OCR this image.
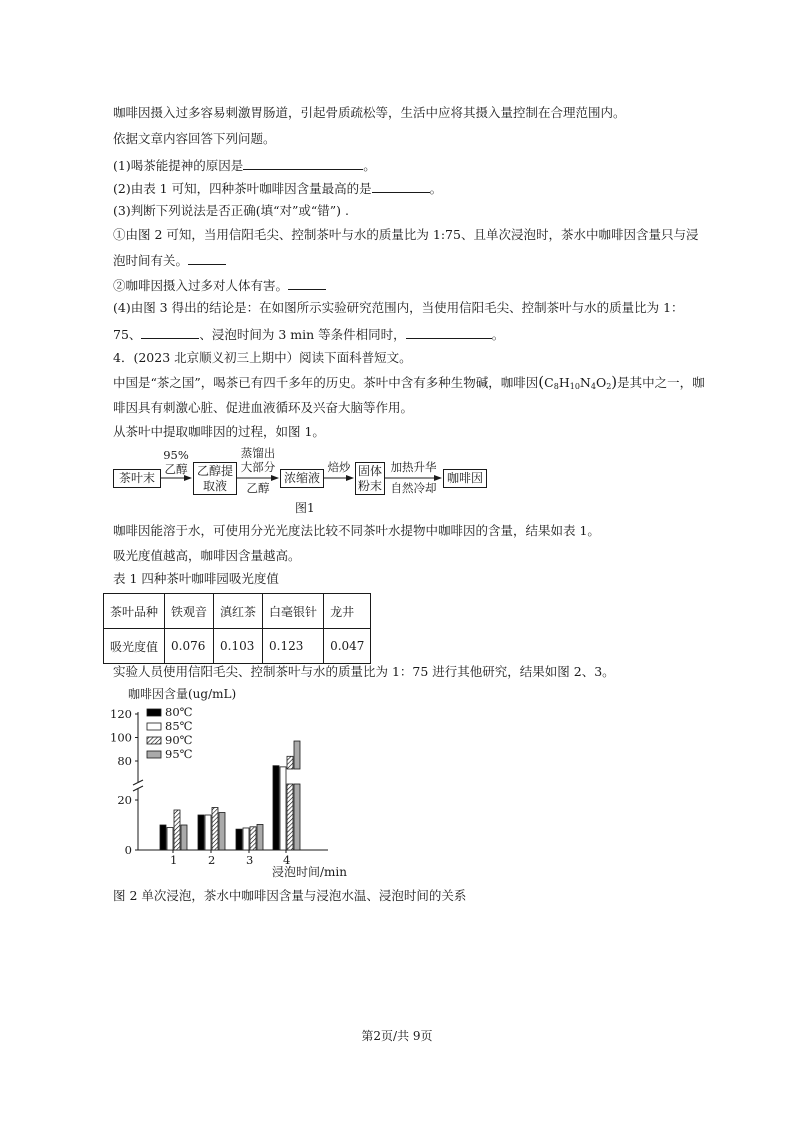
咖啡因摄入过多容易刺激胃肠道，引起骨质疏松等，生活中应将其摄入量控制在合理范围内。
依据文章内容回答下列问题。
(1)喝茶能提神的原因是	。
(2)由表 1 可知，四种茶叶咖啡因含量最高的是	。
(3)判断下列说法是否正确(填“对”或“错”) .
①由图 2 可知，当用信阳毛尖、控制茶叶与水的质量比为 1:75、且单次浸泡时，茶水中咖啡因含量只与浸
泡时间有关。
②咖啡因摄入过多对人体有害。
(4)由图 3 得出的结论是：在如图所示实验研究范围内，当使用信阳毛尖、控制茶叶与水的质量比为 1：
75、	、浸泡时间为 3 min 等条件相同时，	。
4．(2023 北京顺义初三上期中）阅读下面科普短文。
中国是“茶之国”，喝茶已有四千多年的历史。茶叶中含有多种生物碱，咖啡因$(C_8H_{10}N_4O_2)$是其中之一，咖
啡因具有刺激心脏、促进血液循环及兴奋大脑等作用。
从茶叶中提取咖啡因的过程，如图 1。
茶叶末
95%
乙醇 乙醇提
取液
蒸馏出
大部分
乙醇
浓缩液
焙炒 固体
粉末
加热升华
自然冷却
咖啡因
图1
咖啡因能溶于水，可使用分光光度法比较不同茶叶水提物中咖啡因的含量，结果如表 1。
吸光度值越高，咖啡因含量越高。
表 1 四种茶叶咖啡园吸光度值
茶叶品种	铁观音	滇红茶	白毫银针	龙井
吸光度值	0.076	0.103	0.123	0.047
实验人员使用信阳毛尖、控制茶叶与水的质量比为 1：75 进行其他研究，结果如图 2、3。
咖啡因含量(ug/mL)
0
20
80
100
120
1	2	3	4
浸泡时间/min
80℃
85℃
90℃
95℃
图 2 单次浸泡，茶水中咖啡因含量与浸泡水温、浸泡时间的关系
第2页/共 9页
